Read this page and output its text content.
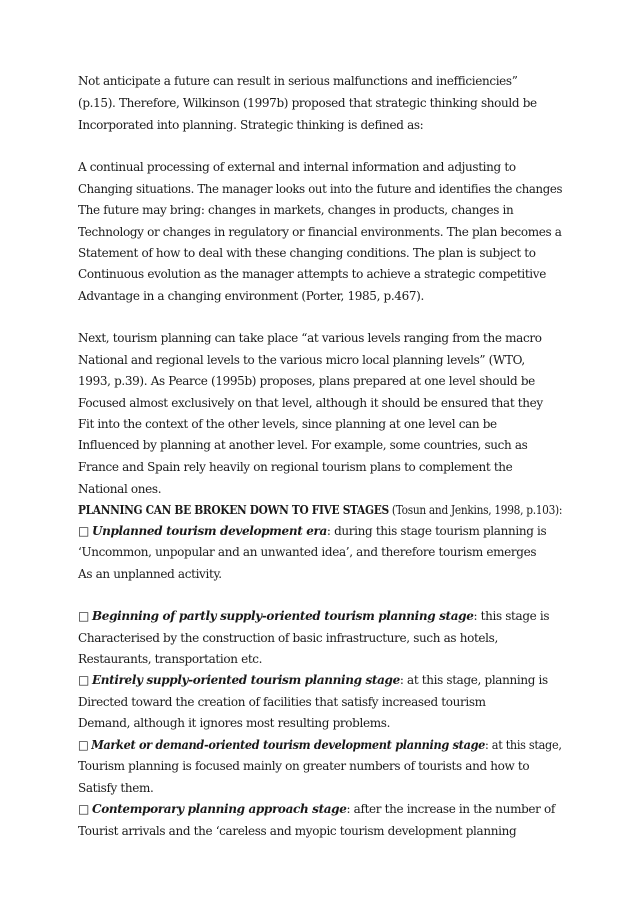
Not anticipate a future can result in serious malfunctions and inefficiencies”
(p.15). Therefore, Wilkinson (1997b) proposed that strategic thinking should be
Incorporated into planning. Strategic thinking is defined as:
A continual processing of external and internal information and adjusting to
Changing situations. The manager looks out into the future and identifies the changes
The future may bring: changes in markets, changes in products, changes in
Technology or changes in regulatory or financial environments. The plan becomes a
Statement of how to deal with these changing conditions. The plan is subject to
Continuous evolution as the manager attempts to achieve a strategic competitive
Advantage in a changing environment (Porter, 1985, p.467).
Next, tourism planning can take place “at various levels ranging from the macro
National and regional levels to the various micro local planning levels” (WTO,
1993, p.39). As Pearce (1995b) proposes, plans prepared at one level should be
Focused almost exclusively on that level, although it should be ensured that they
Fit into the context of the other levels, since planning at one level can be
Influenced by planning at another level. For example, some countries, such as
France and Spain rely heavily on regional tourism plans to complement the
National ones.
PLANNING CAN BE BROKEN DOWN TO FIVE STAGES (Tosun and Jenkins, 1998, p.103):
□ Unplanned tourism development era: during this stage tourism planning is
‘Uncommon, unpopular and an unwanted idea’, and therefore tourism emerges
As an unplanned activity.
□ Beginning of partly supply-oriented tourism planning stage: this stage is
Characterised by the construction of basic infrastructure, such as hotels,
Restaurants, transportation etc.
□ Entirely supply-oriented tourism planning stage: at this stage, planning is
Directed toward the creation of facilities that satisfy increased tourism
Demand, although it ignores most resulting problems.
□ Market or demand-oriented tourism development planning stage: at this stage,
Tourism planning is focused mainly on greater numbers of tourists and how to
Satisfy them.
□ Contemporary planning approach stage: after the increase in the number of
Tourist arrivals and the ‘careless and myopic tourism development planning
